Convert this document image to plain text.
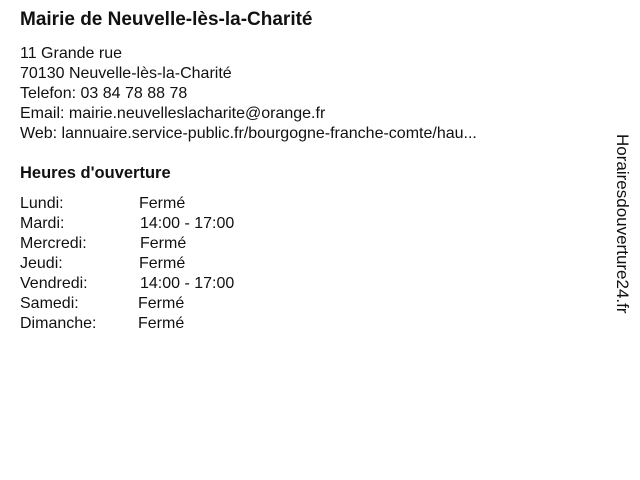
Mairie de Neuvelle-lès-la-Charité
11 Grande rue
70130 Neuvelle-lès-la-Charité
Telefon: 03 84 78 88 78
Email: mairie.neuvelleslacharite@orange.fr
Web: lannuaire.service-public.fr/bourgogne-franche-comte/hau...
Heures d'ouverture
Lundi:	Fermé
Mardi:	14:00 - 17:00
Mercredi:	Fermé
Jeudi:	Fermé
Vendredi:	14:00 - 17:00
Samedi:	Fermé
Dimanche:	Fermé
Horairesdouverture24.fr
